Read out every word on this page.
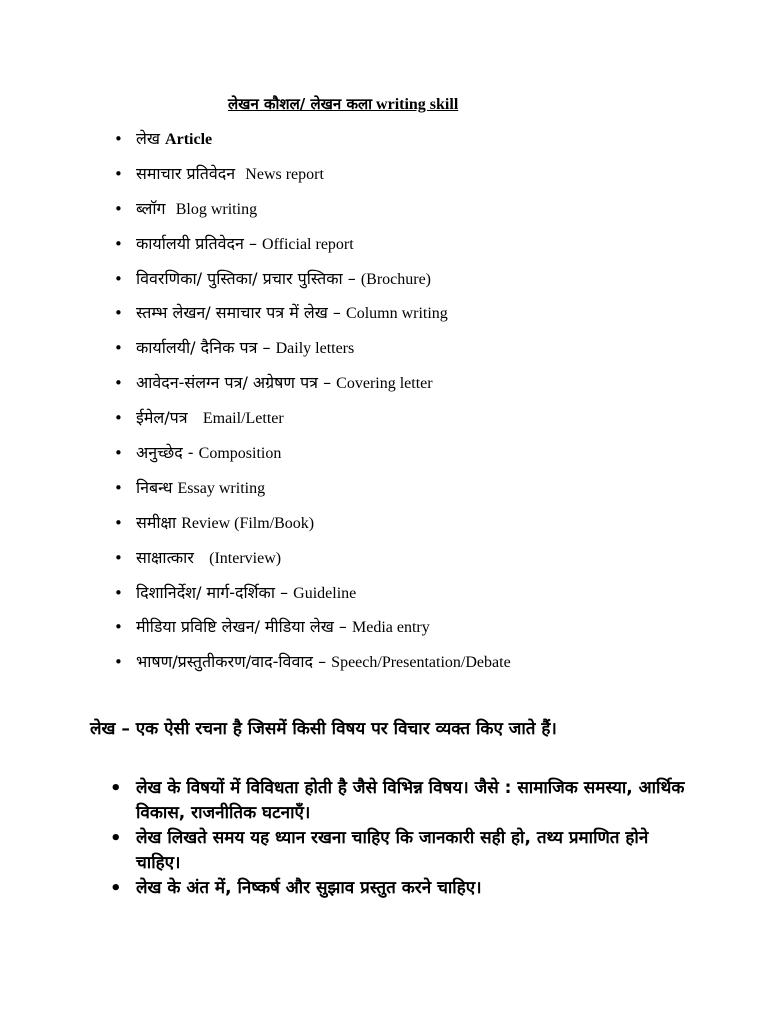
लेखन कौशल/ लेखन कला writing skill
• लेख Article
• समाचार प्रतिवेदन News report
• ब्लॉग Blog writing
• कार्यालयी प्रतिवेदन – Official report
• विवरणिका/ पुस्तिका/ प्रचार पुस्तिका – (Brochure)
• स्तम्भ लेखन/ समाचार पत्र में लेख – Column writing
• कार्यालयी/ दैनिक पत्र – Daily letters
• आवेदन-संलग्न पत्र/ अग्रेषण पत्र – Covering letter
• ईमेल/पत्र Email/Letter
• अनुच्छेद - Composition
• निबन्ध Essay writing
• समीक्षा Review (Film/Book)
• साक्षात्कार (Interview)
• दिशानिर्देश/ मार्ग-दर्शिका – Guideline
• मीडिया प्रविष्टि लेखन/ मीडिया लेख – Media entry
• भाषण/प्रस्तुतीकरण/वाद-विवाद – Speech/Presentation/Debate
लेख – एक ऐसी रचना है जिसमें किसी विषय पर विचार व्यक्त किए जाते हैं।
• लेख के विषयों में विविधता होती है जैसे विभिन्न विषय। जैसे : सामाजिक समस्या, आर्थिक विकास, राजनीतिक घटनाएँ।
• लेख लिखते समय यह ध्यान रखना चाहिए कि जानकारी सही हो, तथ्य प्रमाणित होने चाहिए।
• लेख के अंत में, निष्कर्ष और सुझाव प्रस्तुत करने चाहिए।
